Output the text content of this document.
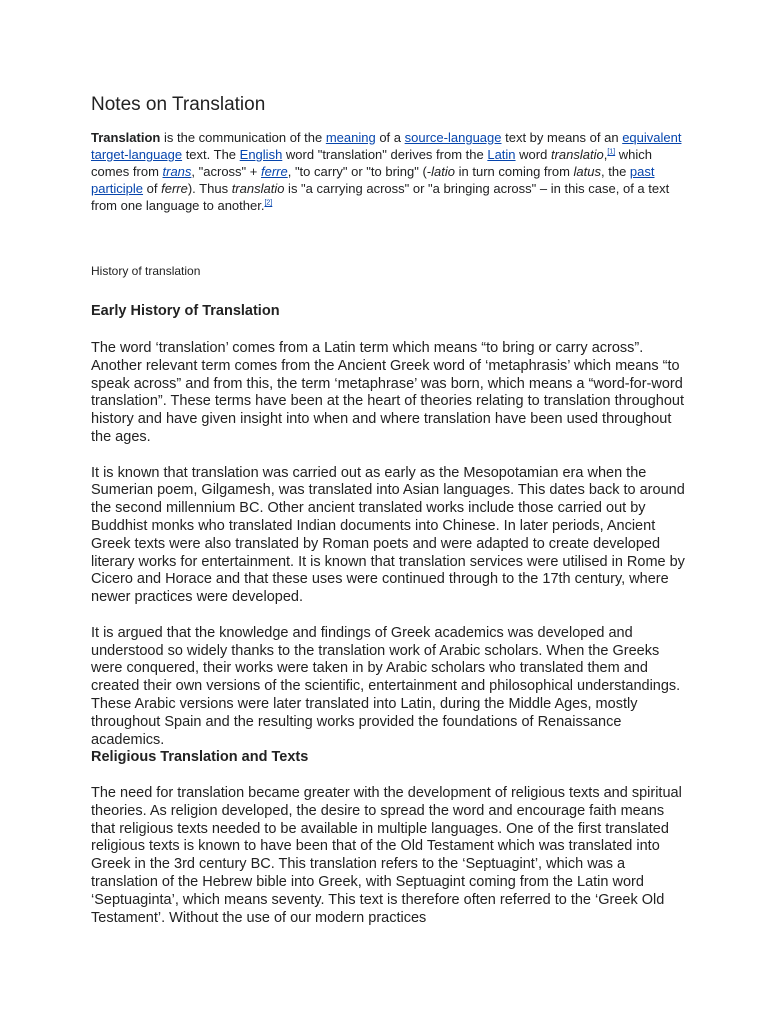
Notes on Translation
Translation is the communication of the meaning of a source-language text by means of an equivalent target-language text. The English word "translation" derives from the Latin word translatio,[1] which comes from trans, "across" + ferre, "to carry" or "to bring" (-latio in turn coming from latus, the past participle of ferre). Thus translatio is "a carrying across" or "a bringing across" – in this case, of a text from one language to another.[2]
History of translation
Early History of Translation

The word ‘translation’ comes from a Latin term which means “to bring or carry across”. Another relevant term comes from the Ancient Greek word of ‘metaphrasis’ which means “to speak across” and from this, the term ‘metaphrase’ was born, which means a “word-for-word translation”. These terms have been at the heart of theories relating to translation throughout history and have given insight into when and where translation have been used throughout the ages.

It is known that translation was carried out as early as the Mesopotamian era when the Sumerian poem, Gilgamesh, was translated into Asian languages. This dates back to around the second millennium BC. Other ancient translated works include those carried out by Buddhist monks who translated Indian documents into Chinese. In later periods, Ancient Greek texts were also translated by Roman poets and were adapted to create developed literary works for entertainment. It is known that translation services were utilised in Rome by Cicero and Horace and that these uses were continued through to the 17th century, where newer practices were developed.

It is argued that the knowledge and findings of Greek academics was developed and understood so widely thanks to the translation work of Arabic scholars. When the Greeks were conquered, their works were taken in by Arabic scholars who translated them and created their own versions of the scientific, entertainment and philosophical understandings. These Arabic versions were later translated into Latin, during the Middle Ages, mostly throughout Spain and the resulting works provided the foundations of Renaissance academics.

Religious Translation and Texts

The need for translation became greater with the development of religious texts and spiritual theories. As religion developed, the desire to spread the word and encourage faith means that religious texts needed to be available in multiple languages. One of the first translated religious texts is known to have been that of the Old Testament which was translated into Greek in the 3rd century BC. This translation refers to the ‘Septuagint’, which was a translation of the Hebrew bible into Greek, with Septuagint coming from the Latin word ‘Septuaginta’, which means seventy. This text is therefore often referred to the ‘Greek Old Testament’. Without the use of our modern practices
